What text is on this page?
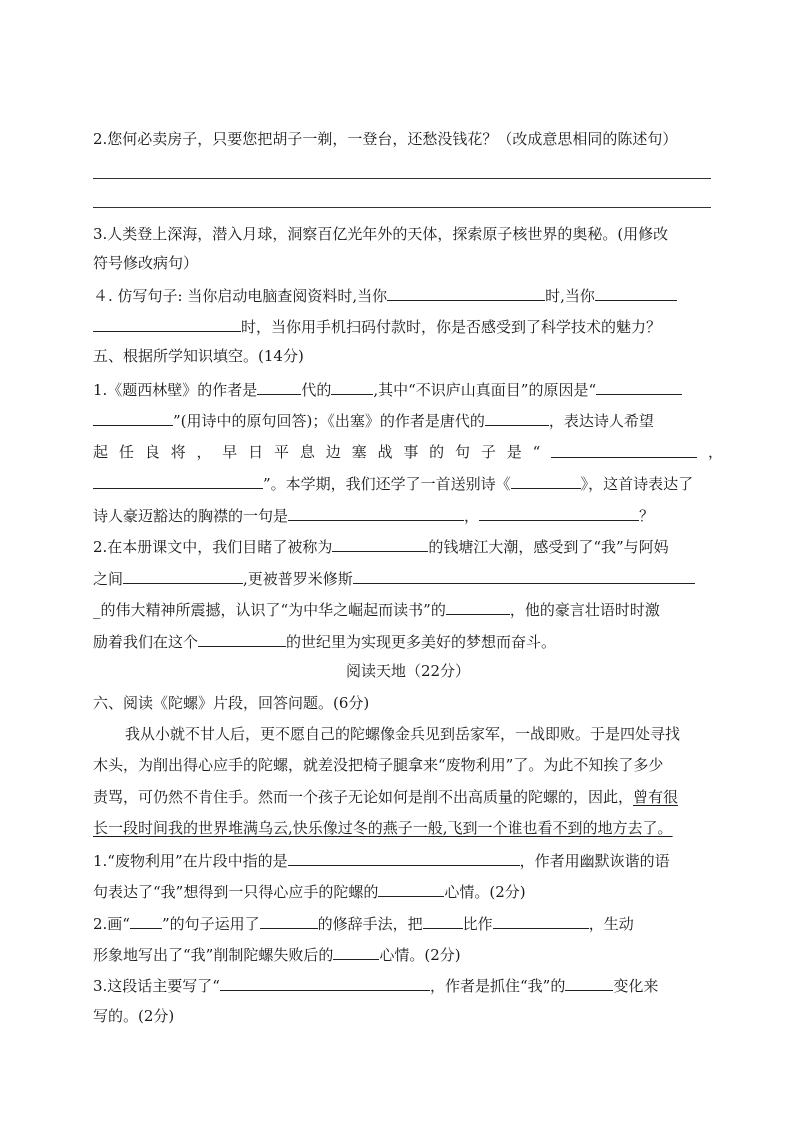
2.您何必卖房子，只要您把胡子一剃，一登台，还愁没钱花？（改成意思相同的陈述句）
3.人类登上深海，潜入月球，洞察百亿光年外的天体，探索原子核世界的奥秘。(用修改
符号修改病句）
４. 仿写句子: 当你启动电脑查阅资料时,当你	时,当你
时，当你用手机扫码付款时，你是否感受到了科学技术的魅力？
五、根据所学知识填空。(14分)
1.《题西林壁》的作者是	代的	,其中“不识庐山真面目”的原因是“
”(用诗中的原句回答)；《出塞》的作者是唐代的	，表达诗人希望
起 任 良 将 ， 早 日 平 息 边 塞 战 事 的 句 子 是 “	，
”。本学期，我们还学了一首送别诗《	》，这首诗表达了
诗人豪迈豁达的胸襟的一句是	，	？
2.在本册课文中，我们目睹了被称为	的钱塘江大潮，感受到了“我”与阿妈
之间	,更被普罗米修斯
_的伟大精神所震撼，认识了“为中华之崛起而读书”的	，他的豪言壮语时时激
励着我们在这个	的世纪里为实现更多美好的梦想而奋斗。
阅读天地（22分）
六、阅读《陀螺》片段，回答问题。(6分)
我从小就不甘人后，更不愿自己的陀螺像金兵见到岳家军，一战即败。于是四处寻找
木头，为削出得心应手的陀螺，就差没把椅子腿拿来“废物利用”了。为此不知挨了多少
责骂，可仍然不肯住手。然而一个孩子无论如何是削不出高质量的陀螺的，因此，曾有很
长一段时间我的世界堆满乌云,快乐像过冬的燕子一般,飞到一个谁也看不到的地方去了。
1.“废物利用”在片段中指的是	，作者用幽默诙谐的语
句表达了“我”想得到一只得心应手的陀螺的	心情。(2分)
2.画“ ”的句子运用了	的修辞手法，把	比作	，生动
形象地写出了“我”削制陀螺失败后的	心情。(2分)
3.这段话主要写了“	，作者是抓住“我”的	变化来
写的。(2分)
